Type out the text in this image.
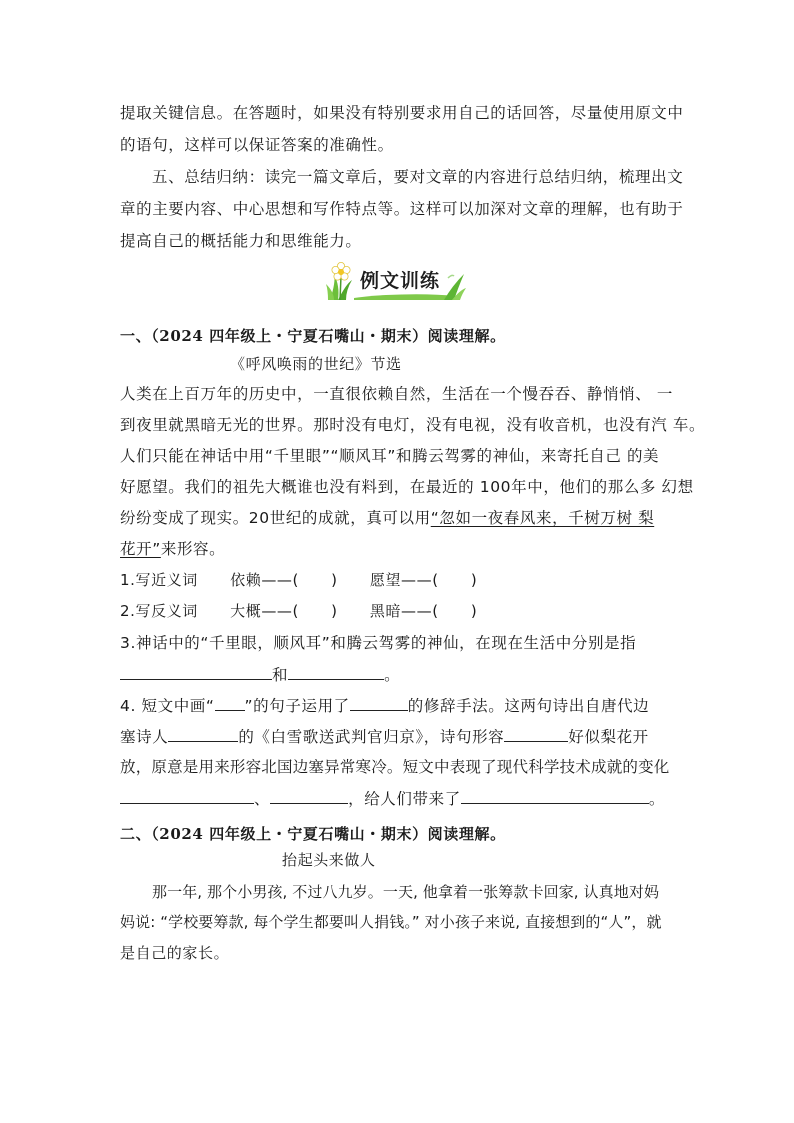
提取关键信息。在答题时，如果没有特别要求用自己的话回答，尽量使用原文中
的语句，这样可以保证答案的准确性。
五、总结归纳：读完一篇文章后，要对文章的内容进行总结归纳，梳理出文
章的主要内容、中心思想和写作特点等。这样可以加深对文章的理解，也有助于
提高自己的概括能力和思维能力。
例文训练
一、（2024 四年级上・宁夏石嘴山・期末）阅读理解。
《呼风唤雨的世纪》节选
人类在上百万年的历史中，一直很依赖自然，生活在一个慢吞吞、静悄悄、 一
到夜里就黑暗无光的世界。那时没有电灯，没有电视，没有收音机，也没有汽 车。
人们只能在神话中用“千里眼”“顺风耳”和腾云驾雾的神仙，来寄托自己 的美
好愿望。我们的祖先大概谁也没有料到，在最近的 100年中，他们的那么多 幻想
纷纷变成了现实。20世纪的成就，真可以用“忽如一夜春风来，千树万树 梨
花开”来形容。
1.写近义词      依赖——(      )      愿望——(      )
2.写反义词      大概——(      )      黑暗——(      )
3.神话中的“千里眼，顺风耳”和腾云驾雾的神仙，在现在生活中分别是指
和	。
4. 短文中画“ ”的句子运用了	的修辞手法。这两句诗出自唐代边
塞诗人	的《白雪歌送武判官归京》，诗句形容	好似梨花开
放，原意是用来形容北国边塞异常寒冷。短文中表现了现代科学技术成就的变化
、	，给人们带来了	。
二、（2024 四年级上・宁夏石嘴山・期末）阅读理解。
抬起头来做人
那一年, 那个小男孩, 不过八九岁。一天, 他拿着一张筹款卡回家, 认真地对妈
妈说: “学校要筹款, 每个学生都要叫人捐钱。” 对小孩子来说, 直接想到的“人”，就
是自己的家长。
